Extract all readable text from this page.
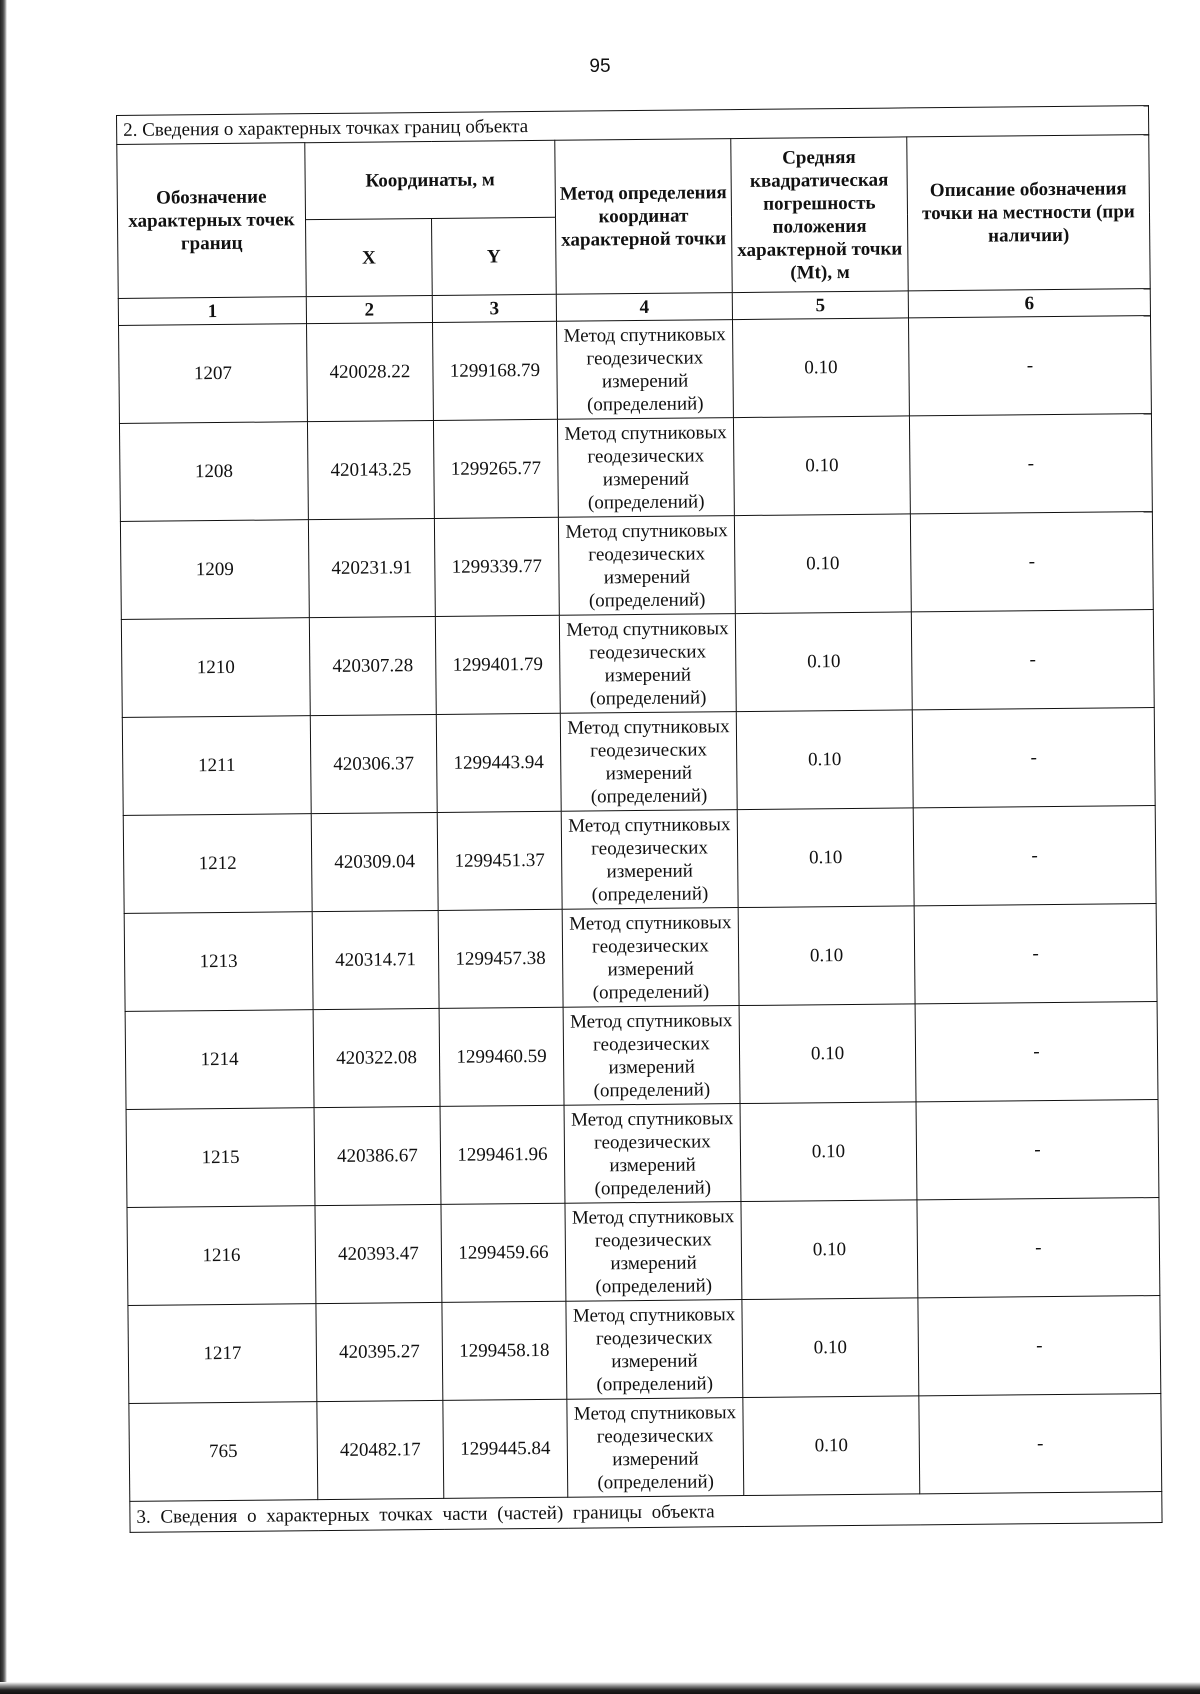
95
2. Сведения о характерных точках границ объекта					
Обозначение характерных точек границ	Координаты, м		Метод определения координат характерной точки	Средняя квадратическая погрешность положения характерной точки (Mt), м	Описание обозначения точки на местности (при наличии)
	X	Y			
1	2	3	4	5	6
1207	420028.22	1299168.79	Метод спутниковых геодезических измерений (определений)	0.10	-
1208	420143.25	1299265.77	Метод спутниковых геодезических измерений (определений)	0.10	-
1209	420231.91	1299339.77	Метод спутниковых геодезических измерений (определений)	0.10	-
1210	420307.28	1299401.79	Метод спутниковых геодезических измерений (определений)	0.10	-
1211	420306.37	1299443.94	Метод спутниковых геодезических измерений (определений)	0.10	-
1212	420309.04	1299451.37	Метод спутниковых геодезических измерений (определений)	0.10	-
1213	420314.71	1299457.38	Метод спутниковых геодезических измерений (определений)	0.10	-
1214	420322.08	1299460.59	Метод спутниковых геодезических измерений (определений)	0.10	-
1215	420386.67	1299461.96	Метод спутниковых геодезических измерений (определений)	0.10	-
1216	420393.47	1299459.66	Метод спутниковых геодезических измерений (определений)	0.10	-
1217	420395.27	1299458.18	Метод спутниковых геодезических измерений (определений)	0.10	-
765	420482.17	1299445.84	Метод спутниковых геодезических измерений (определений)	0.10	-
3. Сведения о характерных точках части (частей) границы объекта					
